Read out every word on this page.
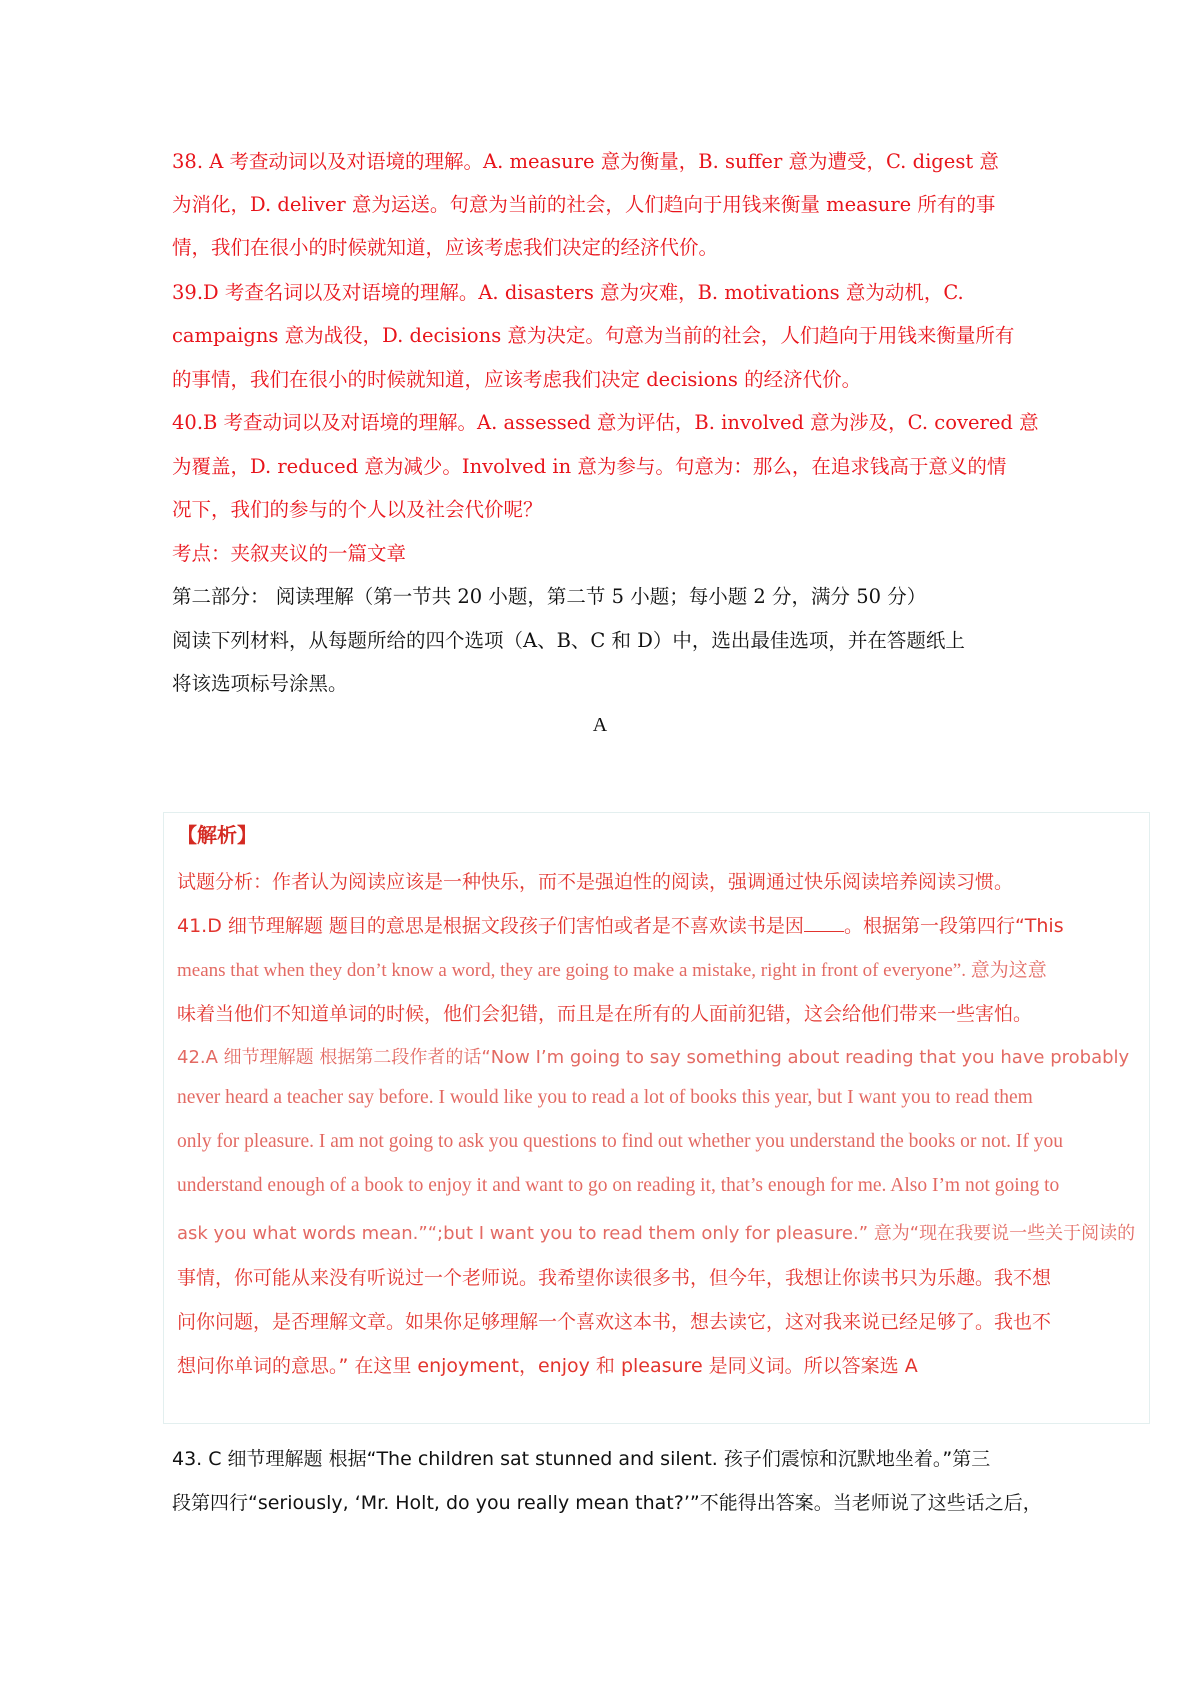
38. A 考查动词以及对语境的理解。A. measure 意为衡量，B. suffer 意为遭受，C. digest 意
为消化，D. deliver 意为运送。句意为当前的社会，人们趋向于用钱来衡量 measure 所有的事
情，我们在很小的时候就知道，应该考虑我们决定的经济代价。
39.D 考查名词以及对语境的理解。A. disasters 意为灾难，B. motivations 意为动机，C.
campaigns 意为战役，D. decisions 意为决定。句意为当前的社会，人们趋向于用钱来衡量所有
的事情，我们在很小的时候就知道，应该考虑我们决定 decisions 的经济代价。
40.B 考查动词以及对语境的理解。A. assessed 意为评估，B. involved 意为涉及，C. covered 意
为覆盖，D. reduced 意为减少。Involved in 意为参与。句意为：那么，在追求钱高于意义的情
况下，我们的参与的个人以及社会代价呢？
考点：夹叙夹议的一篇文章
第二部分： 阅读理解（第一节共 20 小题，第二节 5 小题；每小题 2 分，满分 50 分）
阅读下列材料，从每题所给的四个选项（A、B、C 和 D）中，选出最佳选项，并在答题纸上
将该选项标号涂黑。
A
【解析】
试题分析：作者认为阅读应该是一种快乐，而不是强迫性的阅读，强调通过快乐阅读培养阅读习惯。
41.D 细节理解题 题目的意思是根据文段孩子们害怕或者是不喜欢读书是因 。根据第一段第四行“This
means that when they don’t know a word, they are going to make a mistake, right in front of everyone”. 意为这意
味着当他们不知道单词的时候，他们会犯错，而且是在所有的人面前犯错，这会给他们带来一些害怕。
42.A 细节理解题 根据第二段作者的话“Now I’m going to say something about reading that you have probably
never heard a teacher say before. I would like you to read a lot of books this year, but I want you to read them
only for pleasure. I am not going to ask you questions to find out whether you understand the books or not. If you
understand enough of a book to enjoy it and want to go on reading it, that’s enough for me. Also I’m not going to
ask you what words mean.”“;but I want you to read them only for pleasure.” 意为“现在我要说一些关于阅读的
事情，你可能从来没有听说过一个老师说。我希望你读很多书，但今年，我想让你读书只为乐趣。我不想
问你问题，是否理解文章。如果你足够理解一个喜欢这本书，想去读它，这对我来说已经足够了。我也不
想问你单词的意思。” 在这里 enjoyment，enjoy 和 pleasure 是同义词。所以答案选 A
43. C 细节理解题 根据“The children sat stunned and silent. 孩子们震惊和沉默地坐着。”第三
段第四行“seriously, ‘Mr. Holt, do you really mean that?’”不能得出答案。当老师说了这些话之后，
